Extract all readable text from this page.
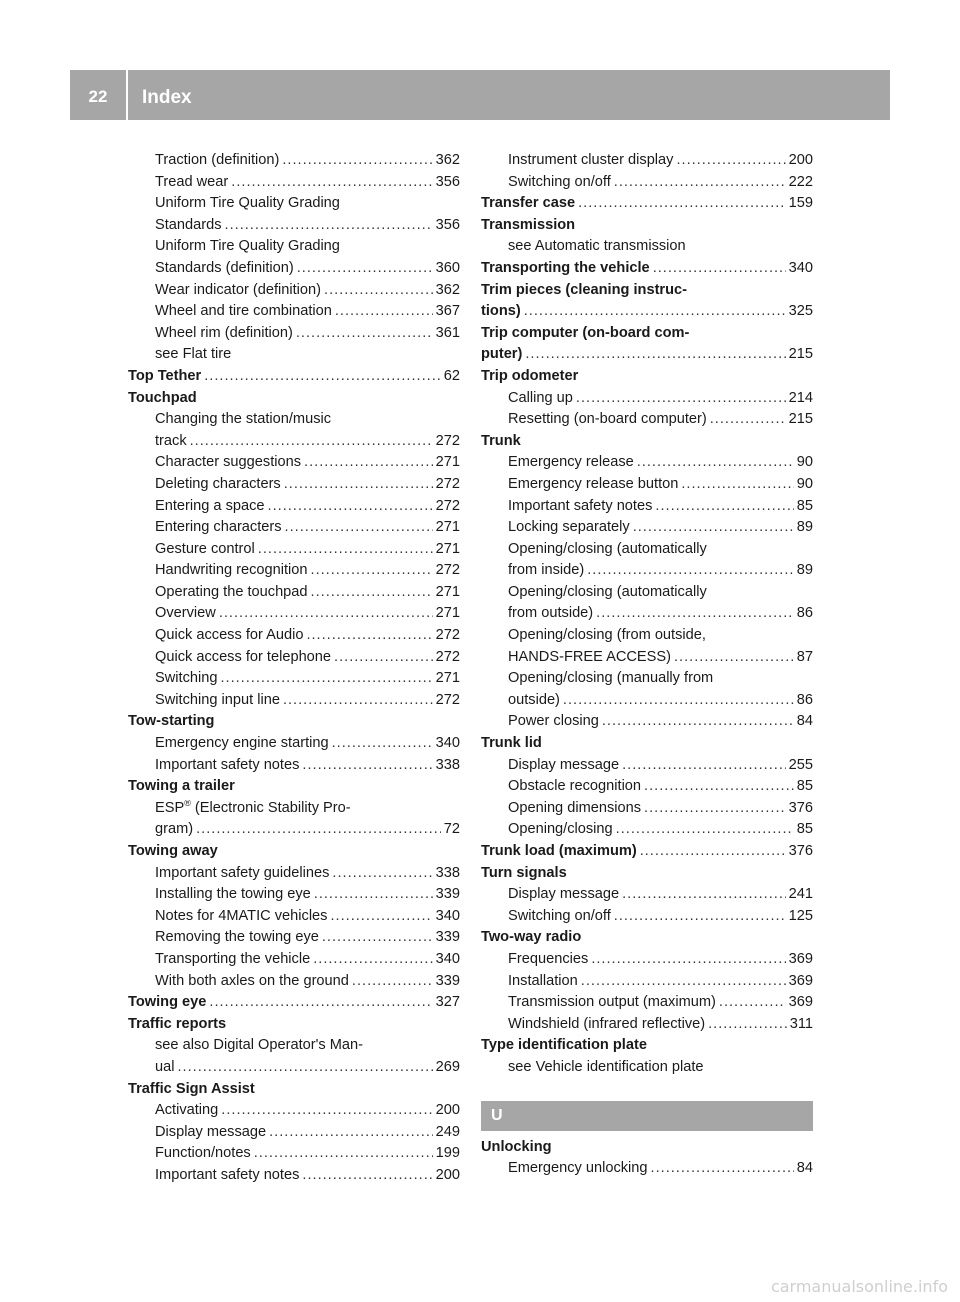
22	Index
Traction (definition) .....	362
Tread wear .....	356
Uniform Tire Quality Grading
Standards .....	356
Uniform Tire Quality Grading
Standards (definition) .....	360
Wear indicator (definition) .....	362
Wheel and tire combination .....	367
Wheel rim (definition) .....	361
see Flat tire
Top Tether .....	62
Touchpad
Changing the station/music
track .....	272
Character suggestions .....	271
Deleting characters .....	272
Entering a space .....	272
Entering characters .....	271
Gesture control .....	271
Handwriting recognition .....	272
Operating the touchpad .....	271
Overview .....	271
Quick access for Audio .....	272
Quick access for telephone .....	272
Switching .....	271
Switching input line .....	272
Tow-starting
Emergency engine starting .....	340
Important safety notes .....	338
Towing a trailer
ESP® (Electronic Stability Pro-
gram) .....	72
Towing away
Important safety guidelines .....	338
Installing the towing eye .....	339
Notes for 4MATIC vehicles .....	340
Removing the towing eye .....	339
Transporting the vehicle .....	340
With both axles on the ground .....	339
Towing eye .....	327
Traffic reports
see also Digital Operator's Man-
ual .....	269
Traffic Sign Assist
Activating .....	200
Display message .....	249
Function/notes .....	199
Important safety notes .....	200
Instrument cluster display .....	200
Switching on/off .....	222
Transfer case .....	159
Transmission
see Automatic transmission
Transporting the vehicle .....	340
Trim pieces (cleaning instruc-
tions) .....	325
Trip computer (on-board com-
puter) .....	215
Trip odometer
Calling up .....	214
Resetting (on-board computer) .....	215
Trunk
Emergency release .....	90
Emergency release button .....	90
Important safety notes .....	85
Locking separately .....	89
Opening/closing (automatically
from inside) .....	89
Opening/closing (automatically
from outside) .....	86
Opening/closing (from outside,
HANDS-FREE ACCESS) .....	87
Opening/closing (manually from
outside) .....	86
Power closing .....	84
Trunk lid
Display message .....	255
Obstacle recognition .....	85
Opening dimensions .....	376
Opening/closing .....	85
Trunk load (maximum) .....	376
Turn signals
Display message .....	241
Switching on/off .....	125
Two-way radio
Frequencies .....	369
Installation .....	369
Transmission output (maximum) .....	369
Windshield (infrared reflective) .....	311
Type identification plate
see Vehicle identification plate
U
Unlocking
Emergency unlocking .....	84
carmanualsonline.info
